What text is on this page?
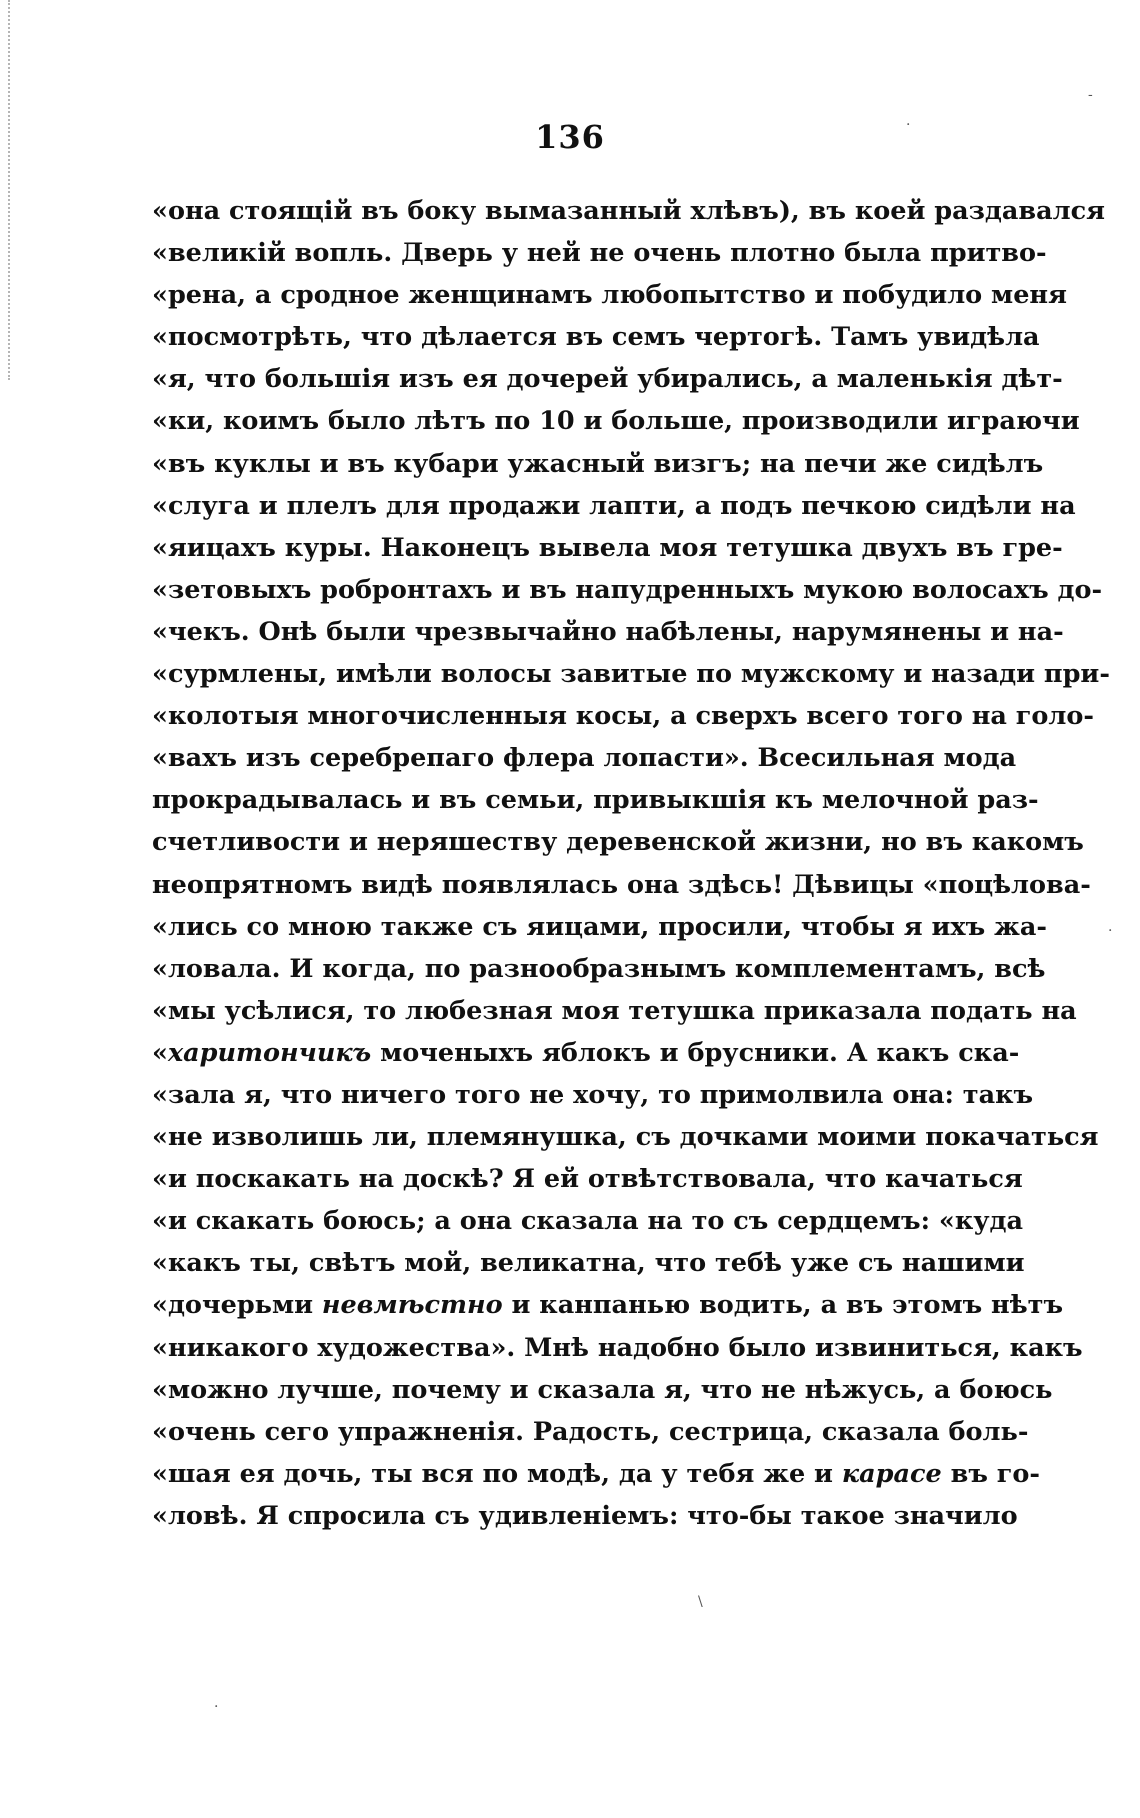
-
·
·
\
·
136
«она стоящій въ боку вымазанный хлѣвъ), въ коей раздавался
«великій вопль. Дверь у ней не очень плотно была притво-
«рена, а сродное женщинамъ любопытство и побудило меня
«посмотрѣть, что дѣлается въ семъ чертогѣ. Тамъ увидѣла
«я, что большія изъ ея дочерей убирались, а маленькія дѣт-
«ки, коимъ было лѣтъ по 10 и больше, производили играючи
«въ куклы и въ кубари ужасный визгъ; на печи же сидѣлъ
«слуга и плелъ для продажи лапти, а подъ печкою сидѣли на
«яицахъ куры. Наконецъ вывела моя тетушка двухъ въ гре-
«зетовыхъ робронтахъ и въ напудренныхъ мукою волосахъ до-
«чекъ. Онѣ были чрезвычайно набѣлены, нарумянены и на-
«сурмлены, имѣли волосы завитые по мужскому и назади при-
«колотыя многочисленныя косы, а сверхъ всего того на голо-
«вахъ изъ серебрепаго флера лопасти». Всесильная мода
прокрадывалась и въ семьи, привыкшія къ мелочной раз-
счетливости и неряшеству деревенской жизни, но въ какомъ
неопрятномъ видѣ появлялась она здѣсь! Дѣвицы «поцѣлова-
«лись со мною также съ яицами, просили, чтобы я ихъ жа-
«ловала. И когда, по разнообразнымъ комплементамъ, всѣ
«мы усѣлися, то любезная моя тетушка приказала подать на
«харитончикъ моченыхъ яблокъ и брусники. А какъ ска-
«зала я, что ничего того не хочу, то примолвила она: такъ
«не изволишь ли, племянушка, съ дочками моими покачаться
«и поскакать на доскѣ? Я ей отвѣтствовала, что качаться
«и скакать боюсь; а она сказала на то съ сердцемъ: «куда
«какъ ты, свѣтъ мой, великатна, что тебѣ уже съ нашими
«дочерьми невмѣстно и канпанью водить, а въ этомъ нѣтъ
«никакого художества». Мнѣ надобно было извиниться, какъ
«можно лучше, почему и сказала я, что не нѣжусь, а боюсь
«очень сего упражненія. Радость, сестрица, сказала боль-
«шая ея дочь, ты вся по модѣ, да у тебя же и карасе въ го-
«ловѣ. Я спросила съ удивленіемъ: что-бы такое значило
